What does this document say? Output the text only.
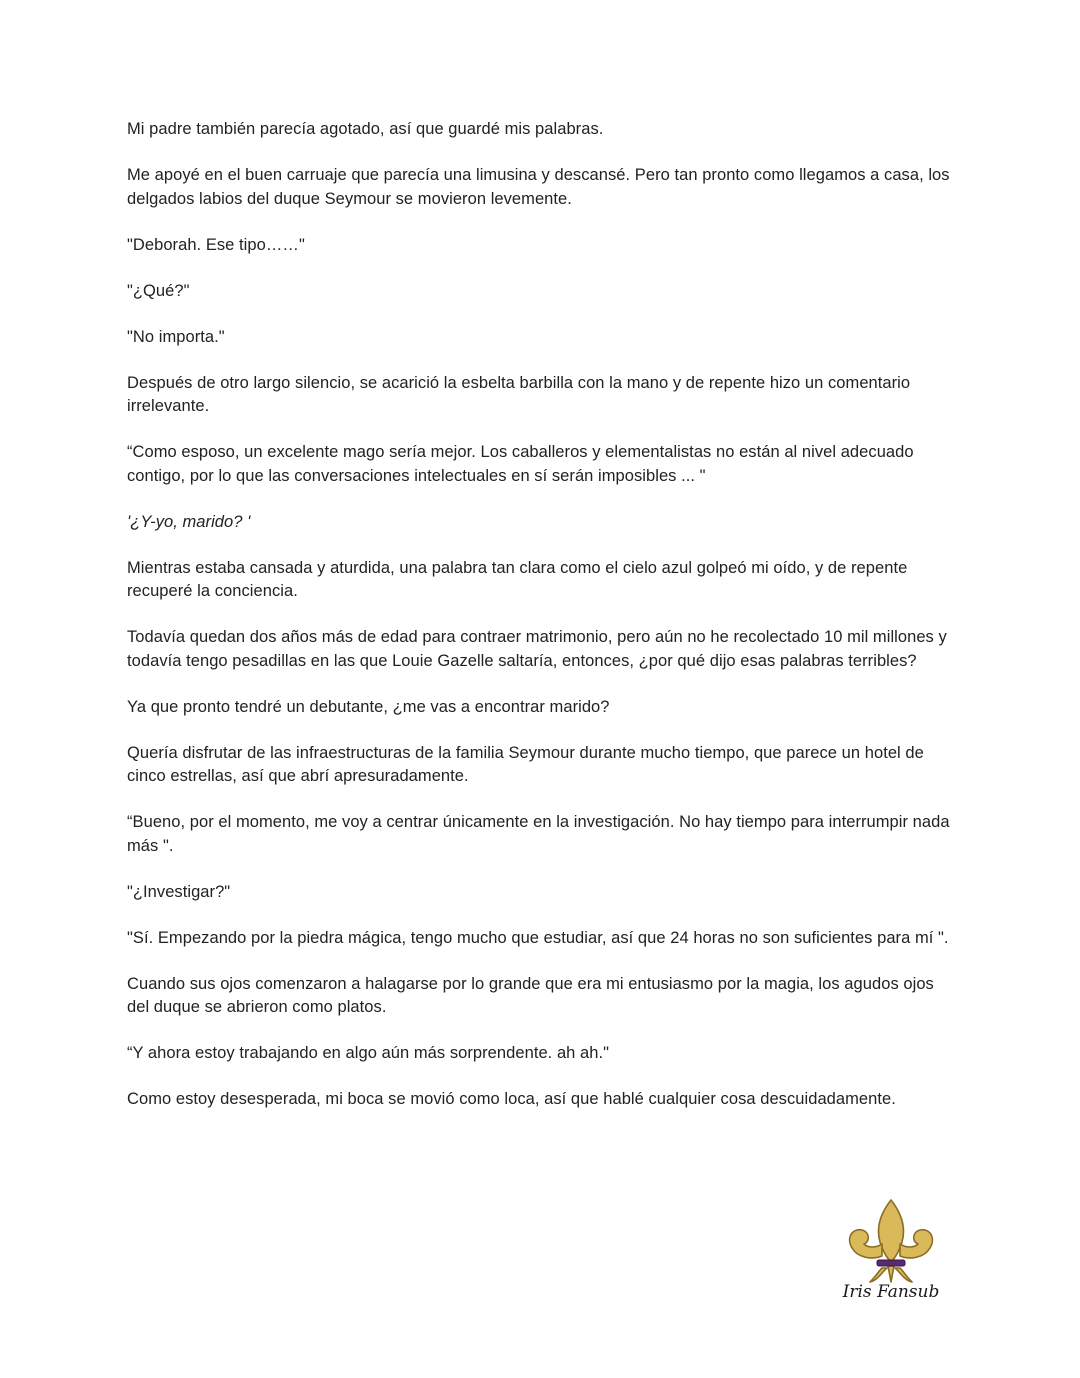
Mi padre también parecía agotado, así que guardé mis palabras.

Me apoyé en el buen carruaje que parecía una limusina y descansé. Pero tan pronto como llegamos a casa, los delgados labios del duque Seymour se movieron levemente.

"Deborah. Ese tipo……"

"¿Qué?"

"No importa."

Después de otro largo silencio, se acarició la esbelta barbilla con la mano y de repente hizo un comentario irrelevante.

“Como esposo, un excelente mago sería mejor. Los caballeros y elementalistas no están al nivel adecuado contigo, por lo que las conversaciones intelectuales en sí serán imposibles ... "

'¿Y-yo, marido? '

Mientras estaba cansada y aturdida, una palabra tan clara como el cielo azul golpeó mi oído, y de repente recuperé la conciencia.

Todavía quedan dos años más de edad para contraer matrimonio, pero aún no he recolectado 10 mil millones y todavía tengo pesadillas en las que Louie Gazelle saltaría, entonces, ¿por qué dijo esas palabras terribles?

Ya que pronto tendré un debutante, ¿me vas a encontrar marido?

Quería disfrutar de las infraestructuras de la familia Seymour durante mucho tiempo, que parece un hotel de cinco estrellas, así que abrí apresuradamente.

“Bueno, por el momento, me voy a centrar únicamente en la investigación. No hay tiempo para interrumpir nada más ".

"¿Investigar?"

"Sí. Empezando por la piedra mágica, tengo mucho que estudiar, así que 24 horas no son suficientes para mí ".

Cuando sus ojos comenzaron a halagarse por lo grande que era mi entusiasmo por la magia, los agudos ojos del duque se abrieron como platos.

“Y ahora estoy trabajando en algo aún más sorprendente. ah ah."

Como estoy desesperada, mi boca se movió como loca, así que hablé cualquier cosa descuidadamente.

Iris Fansub
